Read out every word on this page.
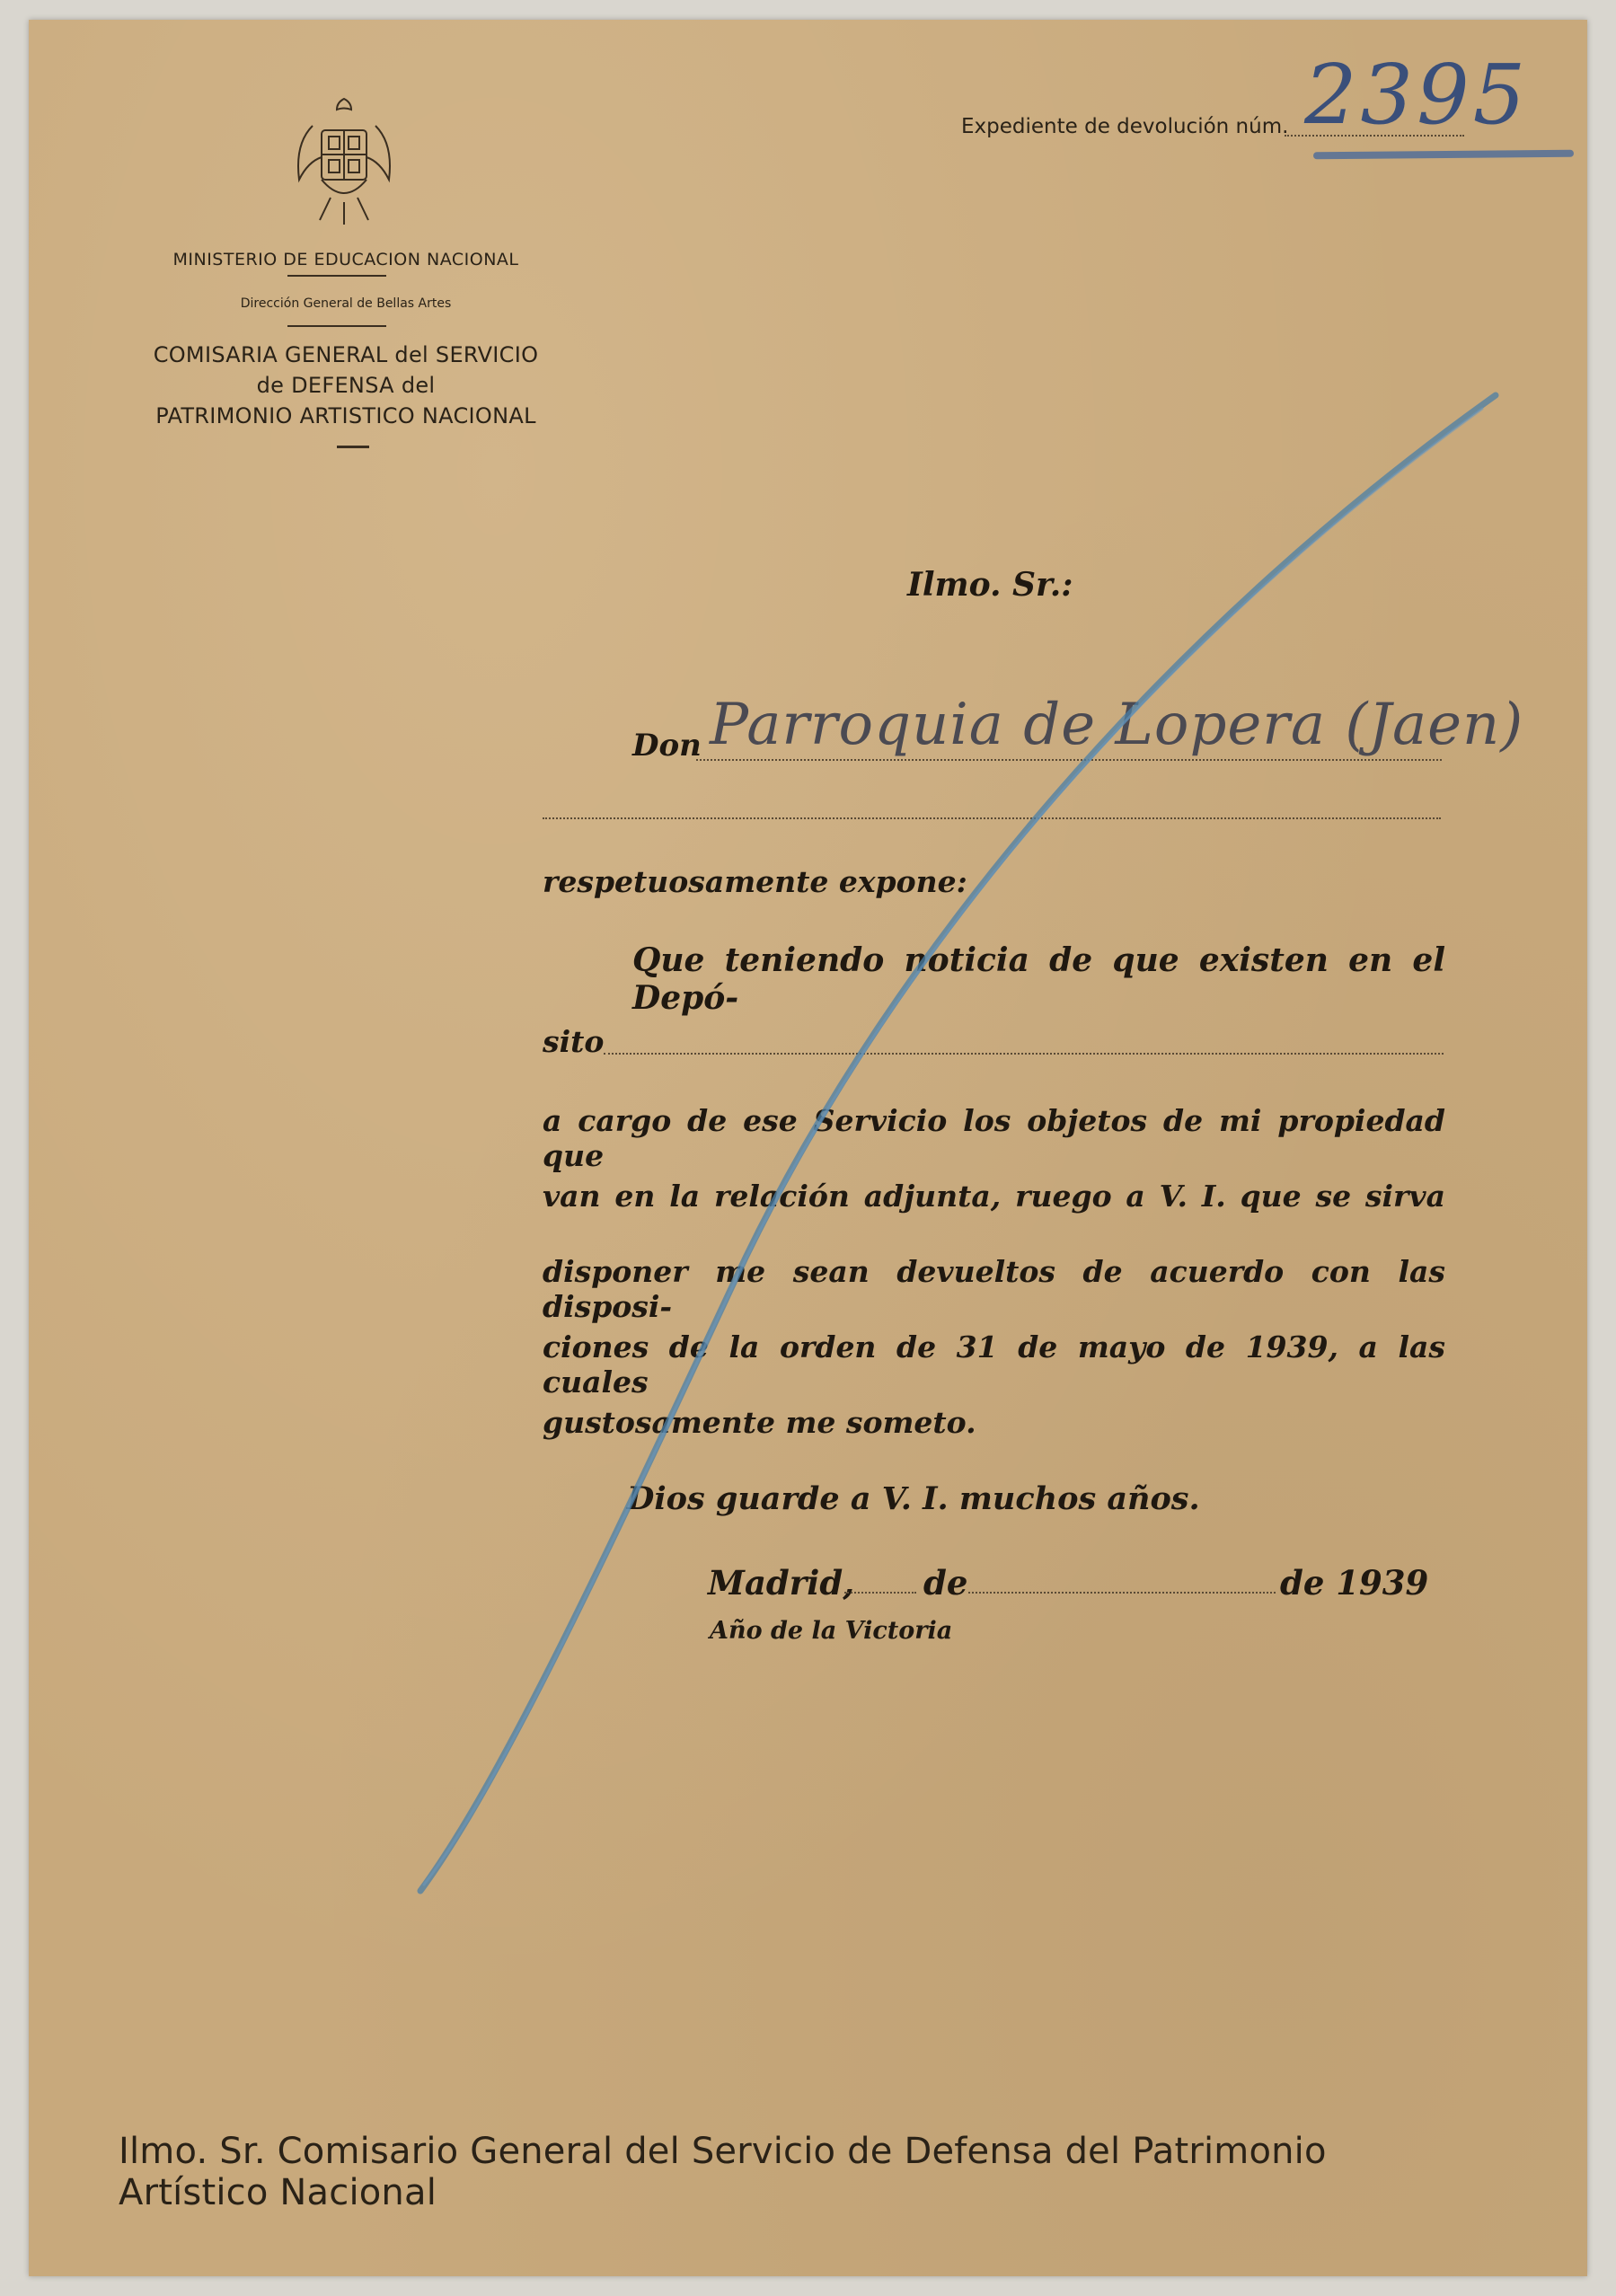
MINISTERIO DE EDUCACION NACIONAL
Dirección General de Bellas Artes
COMISARIA GENERAL del SERVICIO
de DEFENSA del
PATRIMONIO ARTISTICO NACIONAL
Expediente de devolución núm. 2395
Ilmo. Sr.:
Don Parroquia de Lopera (Jaen)
respetuosamente expone:
Que teniendo noticia de que existen en el Depó-
sito
a cargo de ese Servicio los objetos de mi propiedad que
van en la relación adjunta, ruego a V. I. que se sirva
disponer me sean devueltos de acuerdo con las disposi-
ciones de la orden de 31 de mayo de 1939, a las cuales
gustosamente me someto.
Dios guarde a V. I. muchos años.
Madrid, de	de 1939
Año de la Victoria
Ilmo. Sr. Comisario General del Servicio de Defensa del Patrimonio Artístico Nacional
